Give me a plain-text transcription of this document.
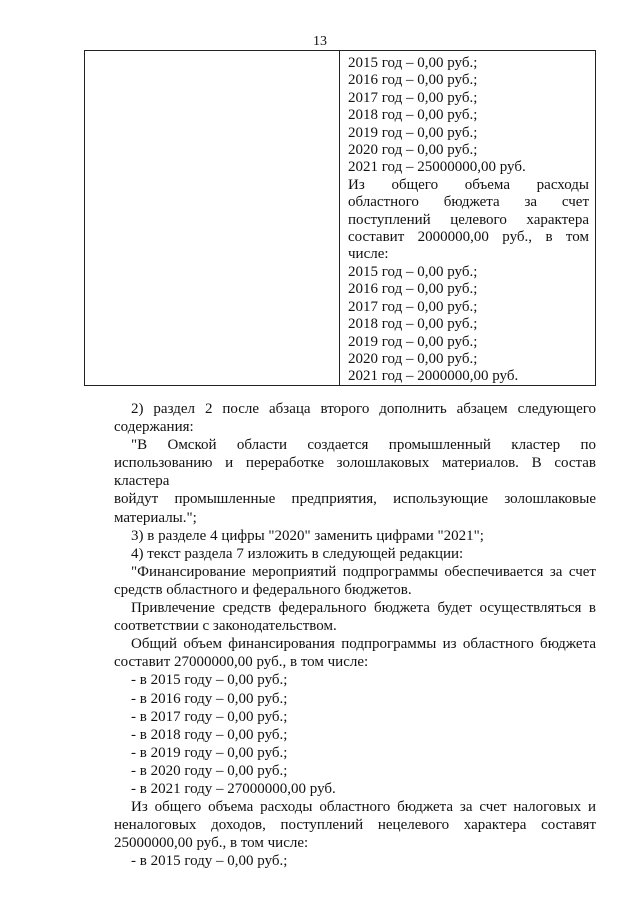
13
2015 год – 0,00 руб.;
2016 год – 0,00 руб.;
2017 год – 0,00 руб.;
2018 год – 0,00 руб.;
2019 год – 0,00 руб.;
2020 год – 0,00 руб.;
2021 год – 25000000,00 руб.
Из общего объема расходы
областного бюджета за счет
поступлений целевого характера
составит 2000000,00 руб., в том
числе:
2015 год – 0,00 руб.;
2016 год – 0,00 руб.;
2017 год – 0,00 руб.;
2018 год – 0,00 руб.;
2019 год – 0,00 руб.;
2020 год – 0,00 руб.;
2021 год – 2000000,00 руб.
2) раздел 2 после абзаца второго дополнить абзацем следующего
содержания:
"В Омской области создается промышленный кластер по
использованию и переработке золошлаковых материалов. В состав кластера
войдут промышленные предприятия, использующие золошлаковые
материалы.";
3) в разделе 4 цифры "2020" заменить цифрами "2021";
4) текст раздела 7 изложить в следующей редакции:
"Финансирование мероприятий подпрограммы обеспечивается за счет
средств областного и федерального бюджетов.
Привлечение средств федерального бюджета будет осуществляться в
соответствии с законодательством.
Общий объем финансирования подпрограммы из областного бюджета
составит 27000000,00 руб., в том числе:
- в 2015 году – 0,00 руб.;
- в 2016 году – 0,00 руб.;
- в 2017 году – 0,00 руб.;
- в 2018 году – 0,00 руб.;
- в 2019 году – 0,00 руб.;
- в 2020 году – 0,00 руб.;
- в 2021 году – 27000000,00 руб.
Из общего объема расходы областного бюджета за счет налоговых и
неналоговых доходов, поступлений нецелевого характера составят
25000000,00 руб., в том числе:
- в 2015 году – 0,00 руб.;
